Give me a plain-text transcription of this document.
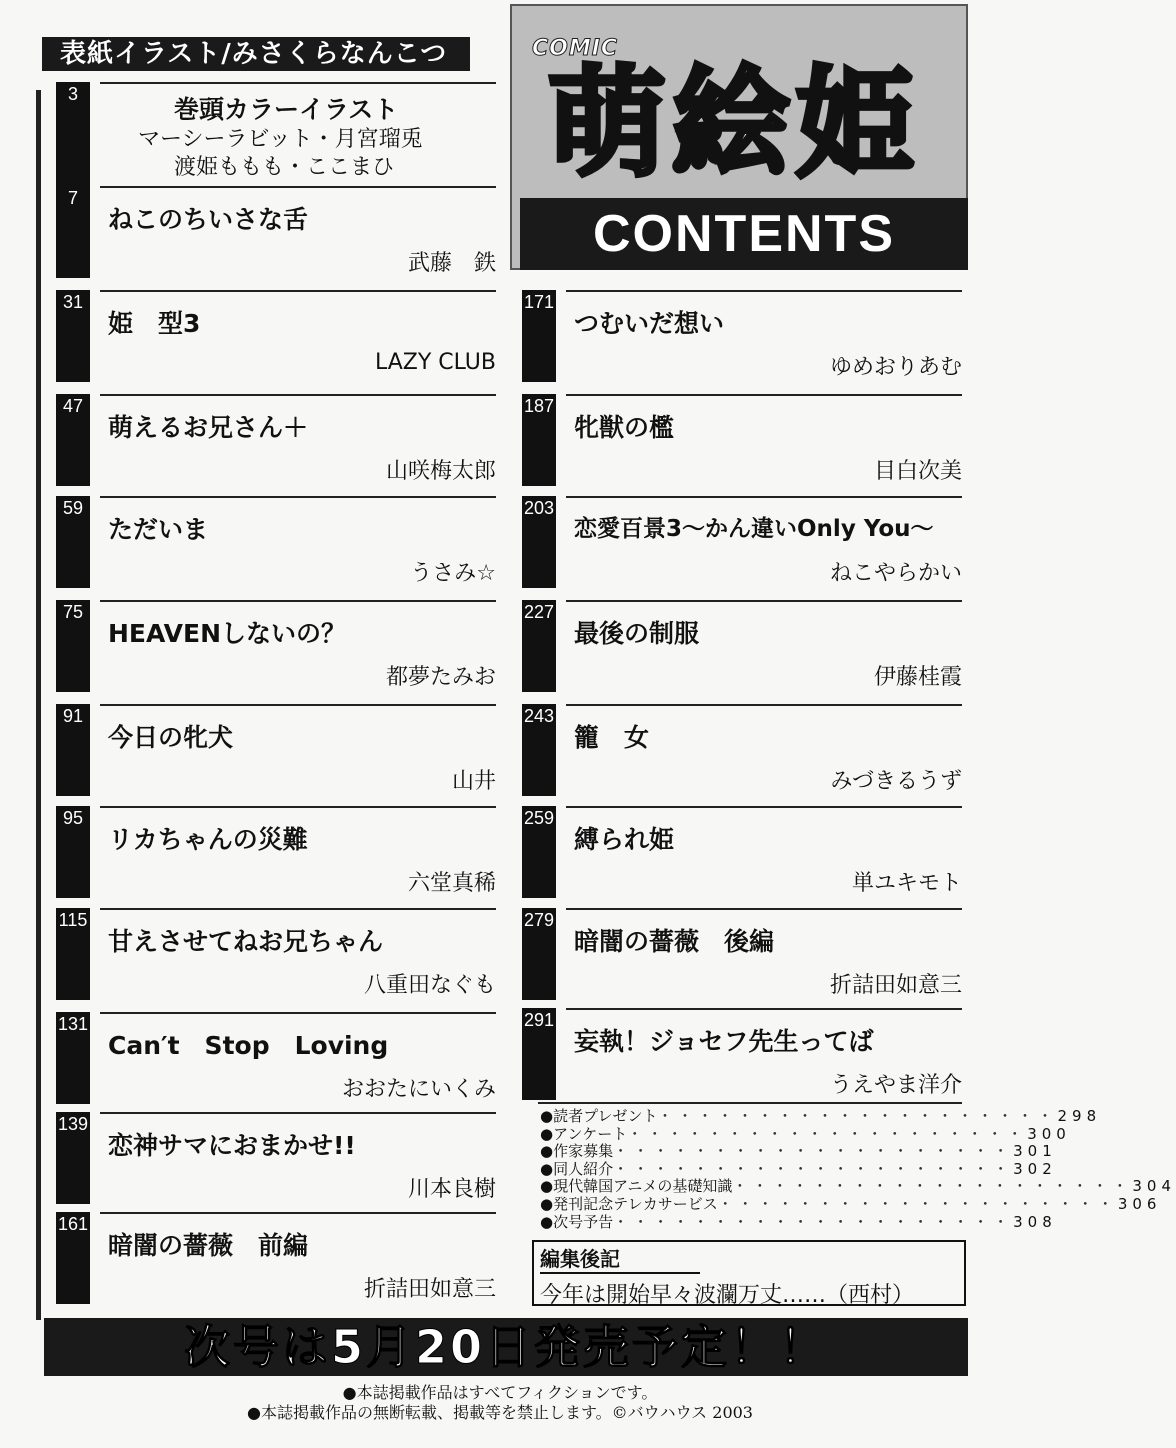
表紙イラスト/みさくらなんこつ	COMIC
萌絵姫
CONTENTS
3
巻頭カラーイラスト
マーシーラビット・月宮瑠兎
渡姫ももも・ここまひ
7
ねこのちいさな舌
武藤　鉄
31
姫　型3
LAZY CLUB
47
萌えるお兄さん＋
山咲梅太郎
59
ただいま
うさみ☆
75
HEAVENしないの？
都夢たみお
91
今日の牝犬
山井
95
リカちゃんの災難
六堂真稀
115
甘えさせてねお兄ちゃん
八重田なぐも
131
Can′t　Stop　Loving
おおたにいくみ
139
恋神サマにおまかせ!!
川本良樹
161
暗闇の薔薇　前編
折詰田如意三
171
つむいだ想い
ゆめおりあむ
187
牝獣の檻
目白次美
203
恋愛百景3～かん違いOnly You～
ねこやらかい
227
最後の制服
伊藤桂霞
243
籠　女
みづきるうず
259
縛られ姫
単ユキモト
279
暗闇の薔薇　後編
折詰田如意三
291
妄執！ジョセフ先生ってば
うえやま洋介
●読者プレゼント ・・・・・・・・・・・・・・・・・・・・ 298
●アンケート ・・・・・・・・・・・・・・・・・・・・ 300
●作家募集 ・・・・・・・・・・・・・・・・・・・・ 301
●同人紹介 ・・・・・・・・・・・・・・・・・・・・ 302
●現代韓国アニメの基礎知識 ・・・・・・・・・・・・・・・・・・・・ 304
●発刊記念テレカサービス ・・・・・・・・・・・・・・・・・・・・ 306
●次号予告 ・・・・・・・・・・・・・・・・・・・・ 308
編集後記
今年は開始早々波瀾万丈……（西村）
次号は5月20日発売予定！！
●本誌掲載作品はすべてフィクションです。
●本誌掲載作品の無断転載、掲載等を禁止します。©バウハウス 2003
